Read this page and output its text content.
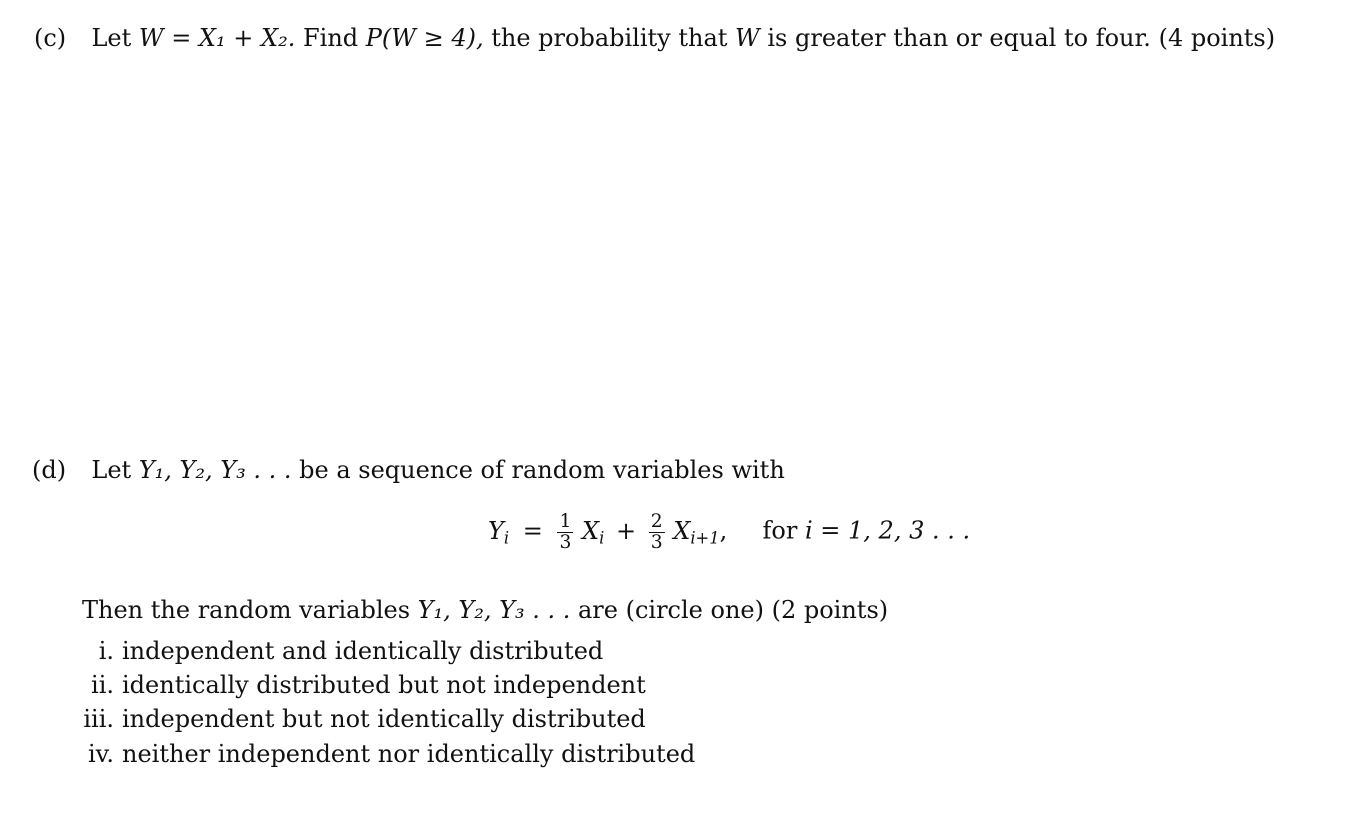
(c) Let W = X₁ + X₂. Find P(W ≥ 4), the probability that W is greater than or equal to four. (4 points)
(d) Let Y₁, Y₂, Y₃ . . . be a sequence of random variables with
$Y_i = \frac{1}{3} X_i + \frac{2}{3} X_{i+1}$, for i = 1, 2, 3 . . .
Then the random variables Y₁, Y₂, Y₃ . . . are (circle one) (2 points)
i. independent and identically distributed
ii. identically distributed but not independent
iii. independent but not identically distributed
iv. neither independent nor identically distributed
